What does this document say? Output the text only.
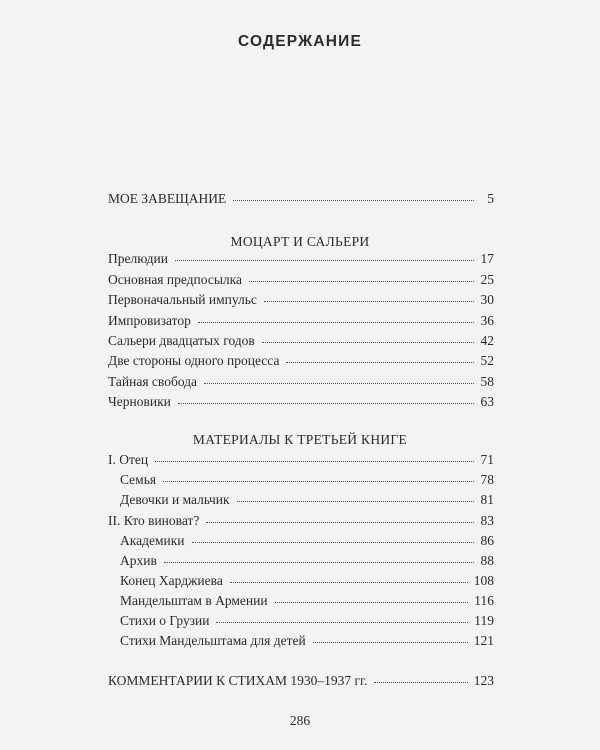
СОДЕРЖАНИЕ
МОЕ ЗАВЕЩАНИЕ	5
МОЦАРТ И САЛЬЕРИ
Прелюдии	17
Основная предпосылка	25
Первоначальный импульс	30
Импровизатор	36
Сальери двадцатых годов	42
Две стороны одного процесса	52
Тайная свобода	58
Черновики	63
МАТЕРИАЛЫ К ТРЕТЬЕЙ КНИГЕ
I. Отец	71
Семья	78
Девочки и мальчик	81
II. Кто виноват?	83
Академики	86
Архив	88
Конец Харджиева	108
Мандельштам в Армении	116
Стихи о Грузии	119
Стихи Мандельштама для детей	121
КОММЕНТАРИИ К СТИХАМ 1930–1937 гг.	123
286
